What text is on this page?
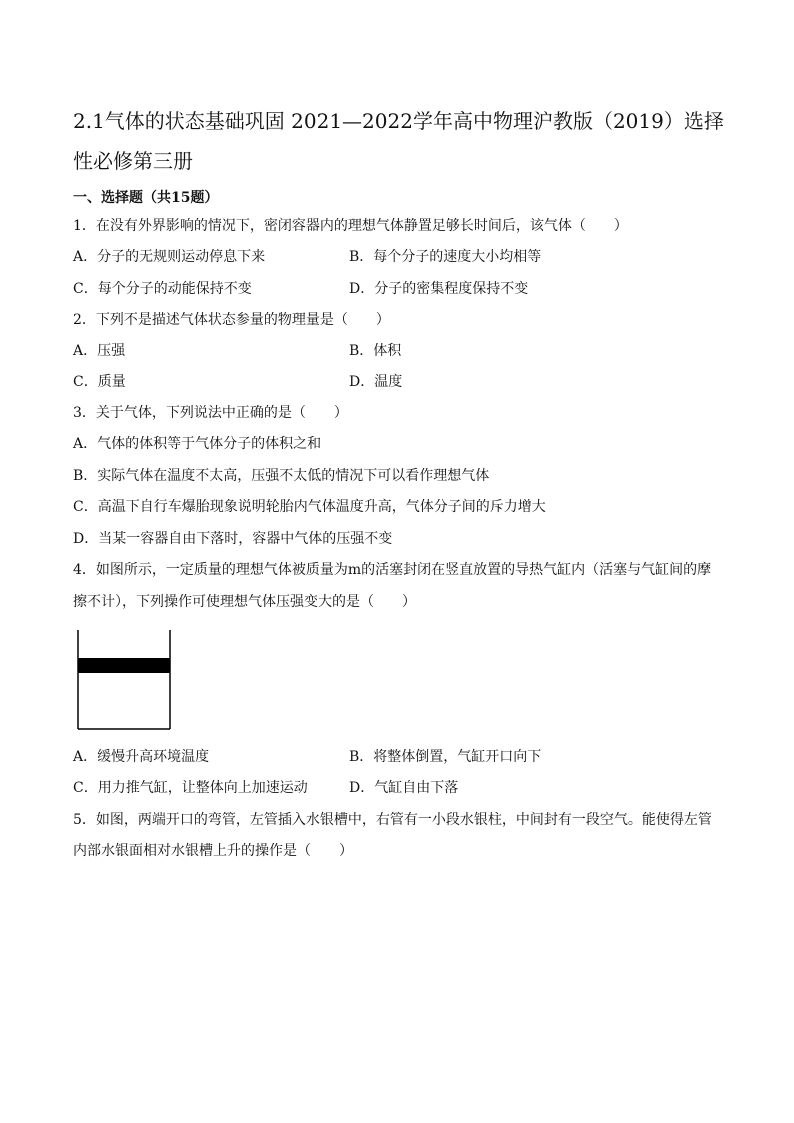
2.1气体的状态基础巩固 2021—2022学年高中物理沪教版（2019）选择性必修第三册
一、选择题（共15题）
1．在没有外界影响的情况下，密闭容器内的理想气体静置足够长时间后，该气体（　　）
A．分子的无规则运动停息下来	B．每个分子的速度大小均相等
C．每个分子的动能保持不变	D．分子的密集程度保持不变
2．下列不是描述气体状态参量的物理量是（　　）
A．压强	B．体积
C．质量	D．温度
3．关于气体，下列说法中正确的是（　　）
A．气体的体积等于气体分子的体积之和
B．实际气体在温度不太高，压强不太低的情况下可以看作理想气体
C．高温下自行车爆胎现象说明轮胎内气体温度升高，气体分子间的斥力增大
D．当某一容器自由下落时，容器中气体的压强不变
4．如图所示，一定质量的理想气体被质量为m的活塞封闭在竖直放置的导热气缸内（活塞与气缸间的摩
擦不计），下列操作可使理想气体压强变大的是（　　）
A．缓慢升高环境温度	B．将整体倒置，气缸开口向下
C．用力推气缸，让整体向上加速运动	D．气缸自由下落
5．如图，两端开口的弯管，左管插入水银槽中，右管有一小段水银柱，中间封有一段空气。能使得左管
内部水银面相对水银槽上升的操作是（　　）
